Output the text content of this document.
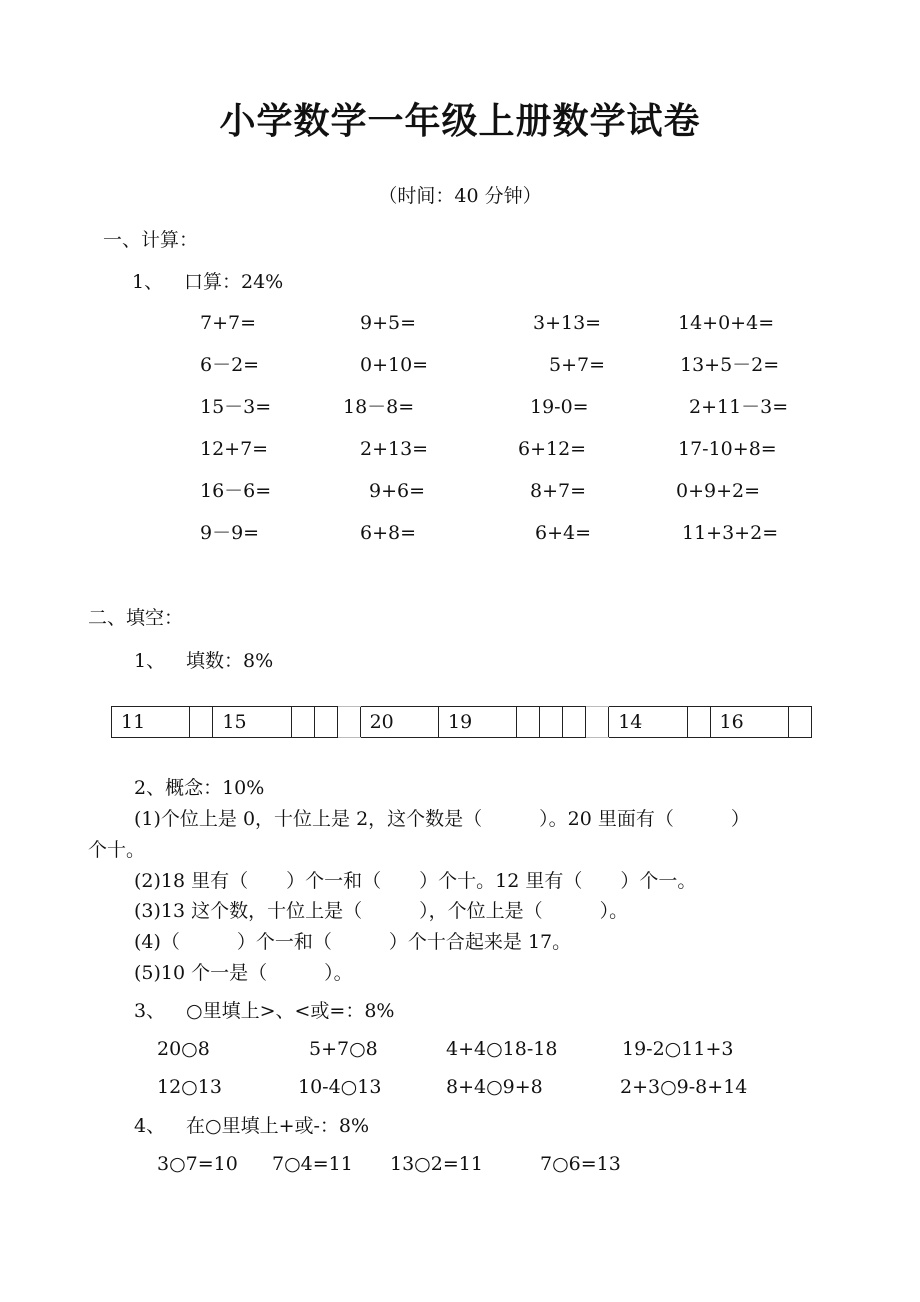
小学数学一年级上册数学试卷
（时间：40 分钟）
一、计算：
1、 口算：24%
7+7=	9+5=	3+13=	14+0+4=
6－2=	0+10=	5+7=	13+5－2=
15－3=	18－8=	19-0=	2+11－3=
12+7=	2+13=	6+12=	17-10+8=
16－6=	9+6=	8+7=	0+9+2=
9－9=	6+8=	6+4=	11+3+2=
二、填空：
1、 填数：8%
11		15				20	19					14		16	
2、概念：10%
(1)个位上是 0，十位上是 2，这个数是（　　　）。20 里面有（　　　）
个十。
(2)18 里有（　　）个一和（　　）个十。12 里有（　　）个一。
(3)13 这个数，十位上是（　　　），个位上是（　　　）。
(4)（　　　）个一和（　　　）个十合起来是 17。
(5)10 个一是（　　　）。
3、 ○里填上>、<或=：8%
20○8	5+7○8	4+4○18-18	19-2○11+3
12○13	10-4○13	8+4○9+8	2+3○9-8+14
4、 在○里填上+或-：8%
3○7=10 7○4=11 13○2=11	7○6=13
